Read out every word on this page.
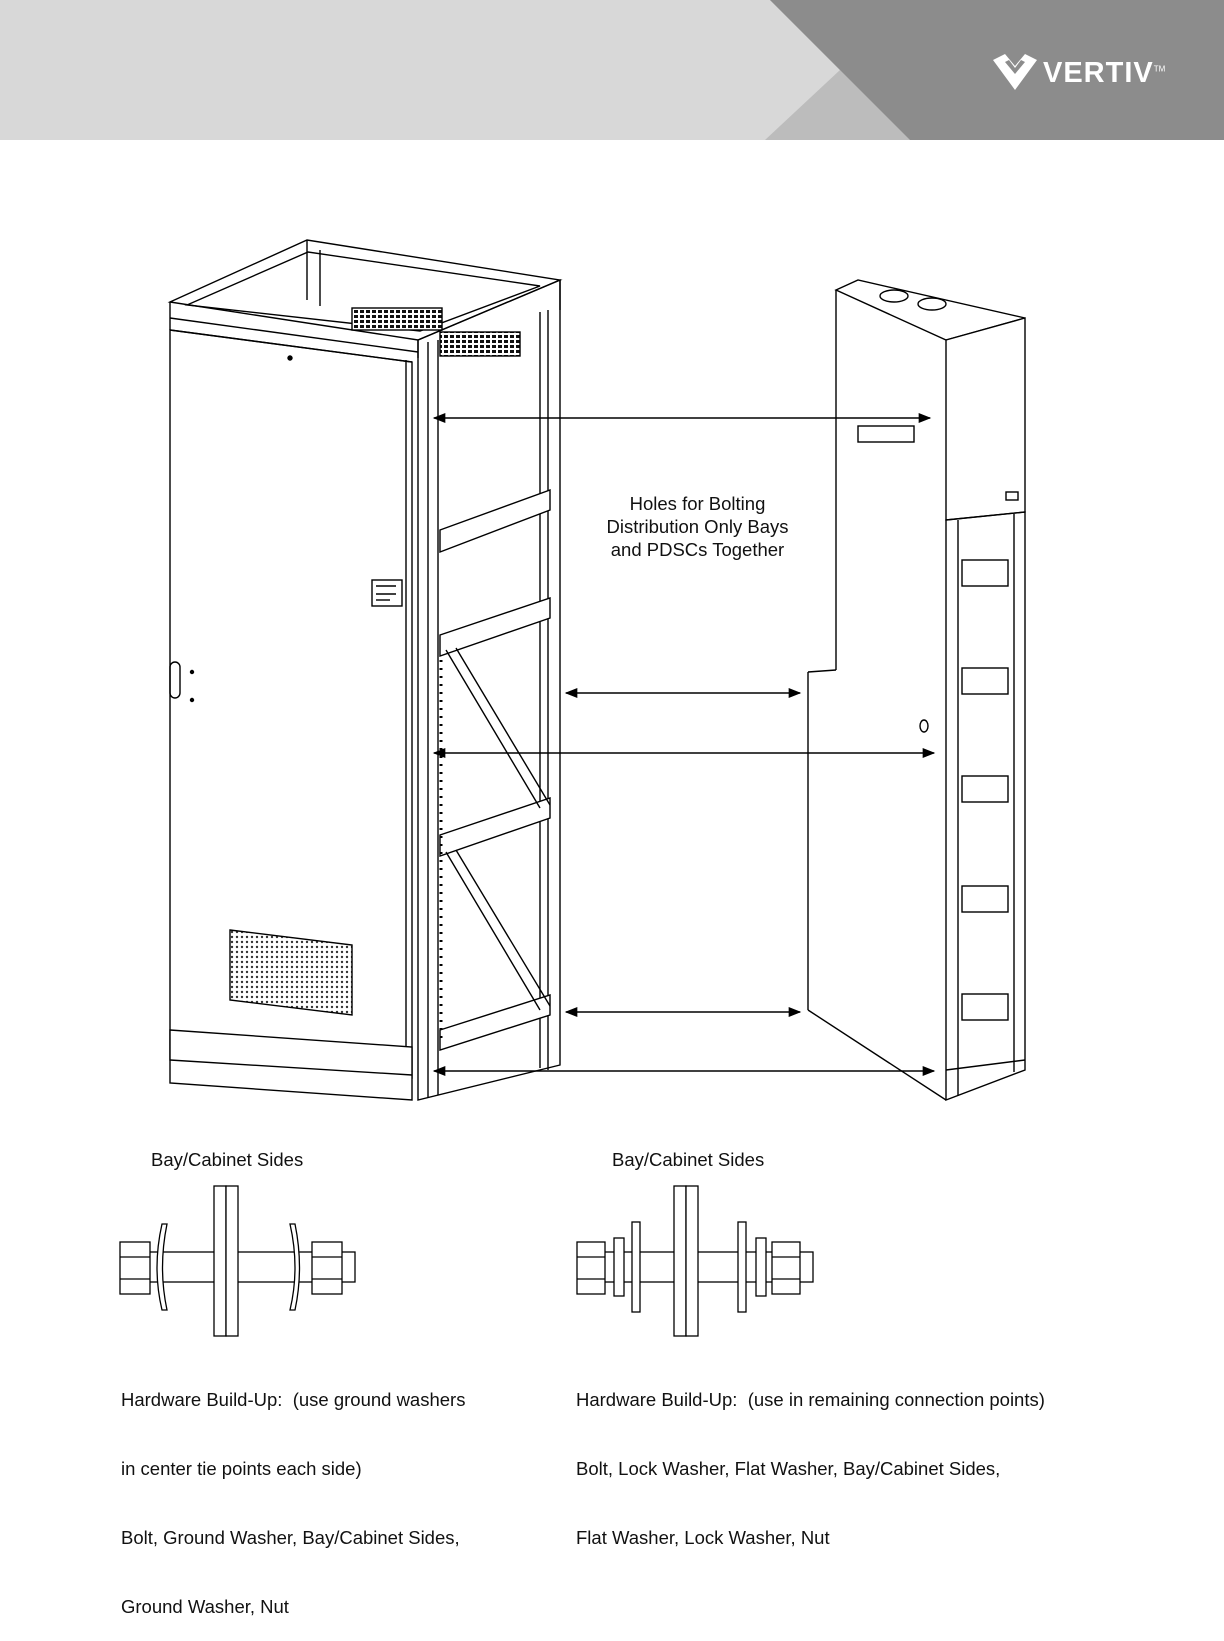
VERTIV™
Holes for Bolting
Distribution Only Bays
and PDSCs Together
Bay/Cabinet Sides	Bay/Cabinet Sides

Hardware Build-Up:  (use ground washers

in center tie points each side)

Bolt, Ground Washer, Bay/Cabinet Sides,

Ground Washer, Nut

Hardware Build-Up:  (use in remaining connection points)

Bolt, Lock Washer, Flat Washer, Bay/Cabinet Sides,

Flat Washer, Lock Washer, Nut
